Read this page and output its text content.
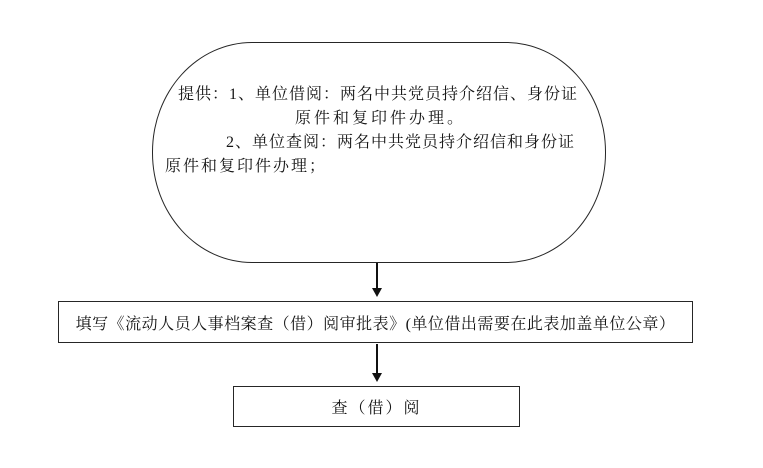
提供：1、单位借阅：两名中共党员持介绍信、身份证
原件和复印件办理。
2、单位查阅：两名中共党员持介绍信和身份证
原件和复印件办理；
填写《流动人员人事档案查（借）阅审批表》(单位借出需要在此表加盖单位公章）
查（借）阅
